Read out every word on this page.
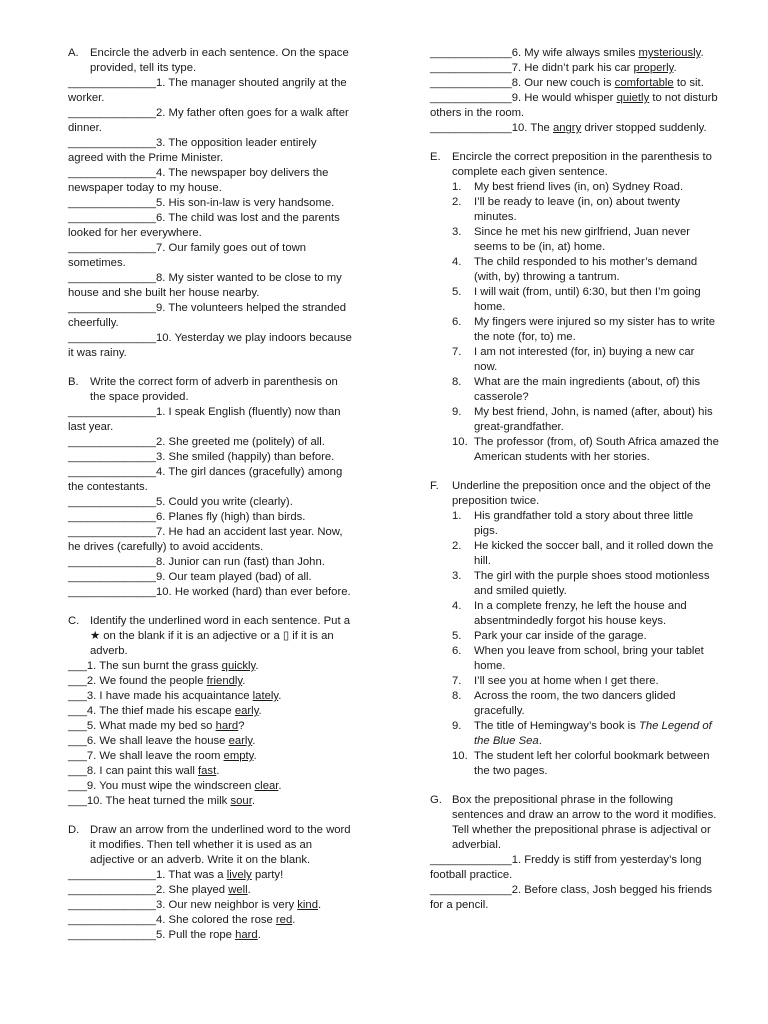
A.	Encircle the adverb in each sentence. On the space provided, tell its type.
______________1. The manager shouted angrily at the worker.
______________2. My father often goes for a walk after dinner.
______________3. The opposition leader entirely agreed with the Prime Minister.
______________4. The newspaper boy delivers the newspaper today to my house.
______________5. His son-in-law is very handsome.
______________6. The child was lost and the parents looked for her everywhere.
______________7. Our family goes out of town sometimes.
______________8. My sister wanted to be close to my house and she built her house nearby.
______________9. The volunteers helped the stranded cheerfully.
______________10. Yesterday we play indoors because it was rainy.
B.	Write the correct form of adverb in parenthesis on the space provided.
______________1. I speak English (fluently) now than last year.
______________2. She greeted me (politely) of all.
______________3. She smiled (happily) than before.
______________4. The girl dances (gracefully) among the contestants.
______________5. Could you write (clearly).
______________6. Planes fly (high) than birds.
______________7. He had an accident last year. Now, he drives (carefully) to avoid accidents.
______________8. Junior can run (fast) than John.
______________9. Our team played (bad) of all.
______________10. He worked (hard) than ever before.
C. Identify the underlined word in each sentence. Put a ★ on the blank if it is an adjective or a ▯ if it is an adverb.
___1. The sun burnt the grass quickly.
___2. We found the people friendly.
___3. I have made his acquaintance lately.
___4. The thief made his escape early.
___5. What made my bed so hard?
___6. We shall leave the house early.
___7. We shall leave the room empty.
___8. I can paint this wall fast.
___9. You must wipe the windscreen clear.
___10. The heat turned the milk sour.
D. Draw an arrow from the underlined word to the word it modifies. Then tell whether it is used as an adjective or an adverb. Write it on the blank.
______________1. That was a lively party!
______________2. She played well.
______________3. Our new neighbor is very kind.
______________4. She colored the rose red.
______________5. Pull the rope hard.
_____________6. My wife always smiles mysteriously.
_____________7. He didn’t park his car properly.
_____________8. Our new couch is comfortable to sit.
_____________9. He would whisper quietly to not disturb others in the room.
_____________10. The angry driver stopped suddenly.
E.	Encircle the correct preposition in the parenthesis to complete each given sentence.
1.	My best friend lives (in, on) Sydney Road.
2.	I’ll be ready to leave (in, on) about twenty minutes.
3.	Since he met his new girlfriend, Juan never seems to be (in, at) home.
4.	The child responded to his mother’s demand (with, by) throwing a tantrum.
5.	I will wait (from, until) 6:30, but then I’m going home.
6.	My fingers were injured so my sister has to write the note (for, to) me.
7.	I am not interested (for, in) buying a new car now.
8.	What are the main ingredients (about, of) this casserole?
9.	My best friend, John, is named (after, about) his great-grandfather.
10. The professor (from, of) South Africa amazed the American students with her stories.
F.	Underline the preposition once and the object of the preposition twice.
1.	His grandfather told a story about three little pigs.
2.	He kicked the soccer ball, and it rolled down the hill.
3.	The girl with the purple shoes stood motionless and smiled quietly.
4.	In a complete frenzy, he left the house and absentmindedly forgot his house keys.
5.	Park your car inside of the garage.
6.	When you leave from school, bring your tablet home.
7.	I’ll see you at home when I get there.
8.	Across the room, the two dancers glided gracefully.
9.	The title of Hemingway’s book is The Legend of the Blue Sea.
10. The student left her colorful bookmark between the two pages.
G. Box the prepositional phrase in the following sentences and draw an arrow to the word it modifies. Tell whether the prepositional phrase is adjectival or adverbial.
_____________1. Freddy is stiff from yesterday’s long football practice.
_____________2. Before class, Josh begged his friends for a pencil.
